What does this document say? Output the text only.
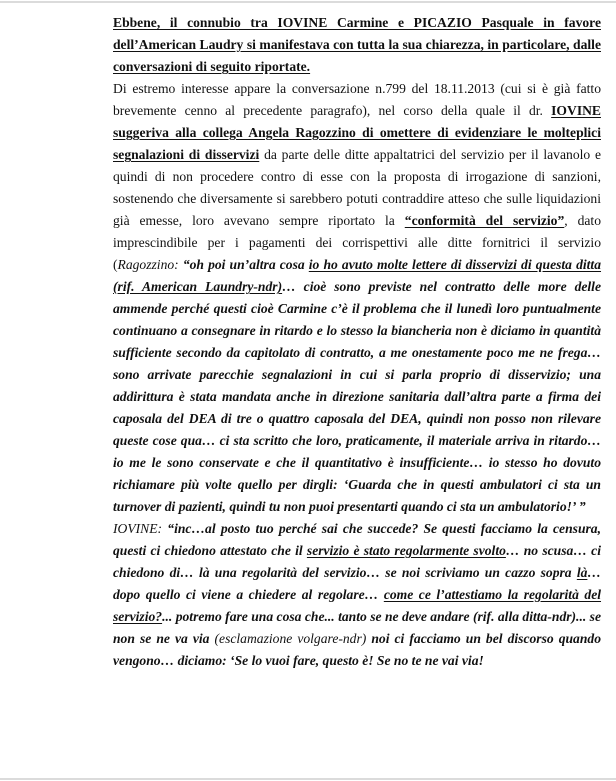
Ebbene, il connubio tra IOVINE Carmine e PICAZIO Pasquale in favore dell’American Laudry si manifestava con tutta la sua chiarezza, in particolare, dalle conversazioni di seguito riportate.

Di estremo interesse appare la conversazione n.799 del 18.11.2013 (cui si è già fatto brevemente cenno al precedente paragrafo), nel corso della quale il dr. IOVINE suggeriva alla collega Angela Ragozzino di omettere di evidenziare le molteplici segnalazioni di disservizi da parte delle ditte appaltatrici del servizio per il lavanolo e quindi di non procedere contro di esse con la proposta di irrogazione di sanzioni, sostenendo che diversamente si sarebbero potuti contraddire atteso che sulle liquidazioni già emesse, loro avevano sempre riportato la “conformità del servizio”, dato imprescindibile per i pagamenti dei corrispettivi alle ditte fornitrici il servizio (Ragozzino: “oh poi un’altra cosa io ho avuto molte lettere di disservizi di questa ditta (rif. American Laundry-ndr)… cioè sono previste nel contratto delle more delle ammende perché questi cioè Carmine c’è il problema che il lunedì loro puntualmente continuano a consegnare in ritardo e lo stesso la biancheria non è diciamo in quantità sufficiente secondo da capitolato di contratto, a me onestamente poco me ne frega… sono arrivate parecchie segnalazioni in cui si parla proprio di disservizio; una addirittura è stata mandata anche in direzione sanitaria dall’altra parte a firma dei caposala del DEA di tre o quattro caposala del DEA, quindi non posso non rilevare queste cose qua… ci sta scritto che loro, praticamente, il materiale arriva in ritardo… io me le sono conservate e che il quantitativo è insufficiente… io stesso ho dovuto richiamare più volte quello per dirgli: ‘Guarda che in questi ambulatori ci sta un turnover di pazienti, quindi tu non puoi presentarti quando ci sta un ambulatorio!’ ”

IOVINE: “inc…al posto tuo perché sai che succede? Se questi facciamo la censura, questi ci chiedono attestato che il servizio è stato regolarmente svolto… no scusa… ci chiedono di… là una regolarità del servizio… se noi scriviamo un cazzo sopra là… dopo quello ci viene a chiedere al regolare… come ce l’attestiamo la regolarità del servizio?... potremo fare una cosa che... tanto se ne deve andare (rif. alla ditta-ndr)... se non se ne va via (esclamazione volgare-ndr) noi ci facciamo un bel discorso quando vengono… diciamo: ‘Se lo vuoi fare, questo è! Se no te ne vai via!
